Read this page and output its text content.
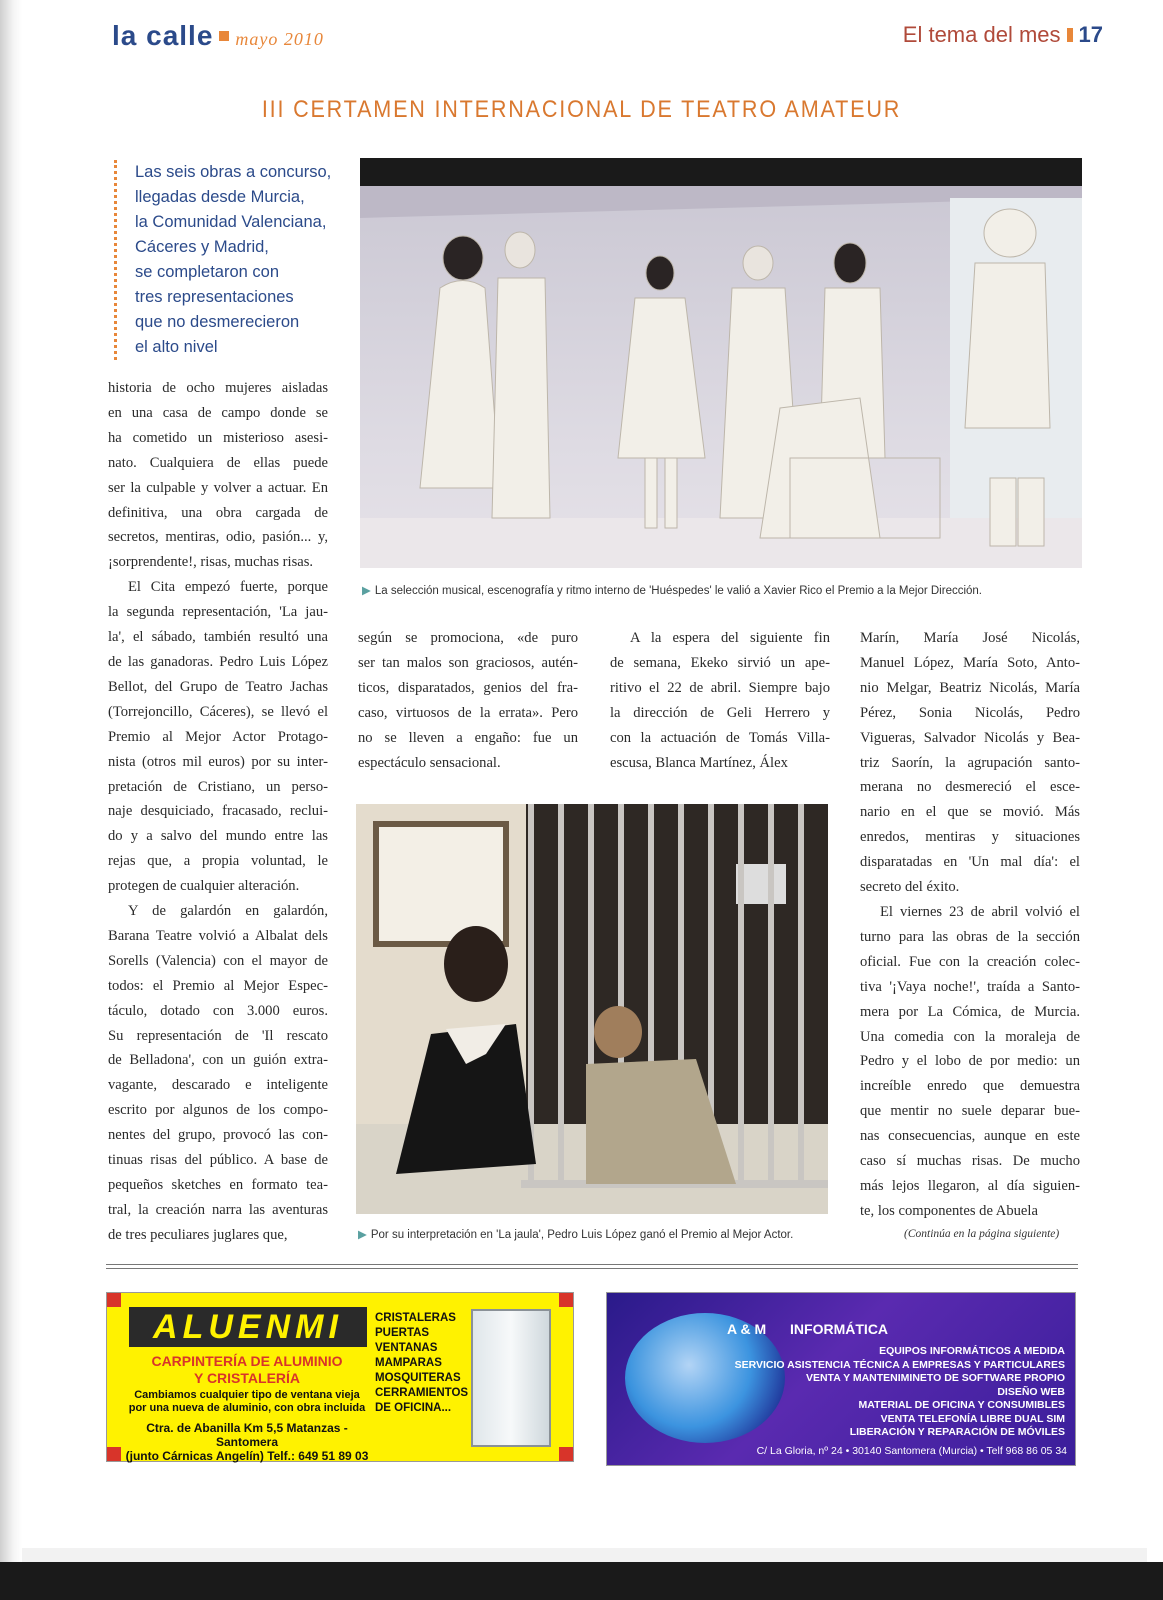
la calle mayo 2010	El tema del mes 17
III CERTAMEN INTERNACIONAL DE TEATRO AMATEUR
Las seis obras a concurso,
llegadas desde Murcia,
la Comunidad Valenciana,
Cáceres y Madrid,
se completaron con
tres representaciones
que no desmerecieron
el alto nivel
historia de ocho mujeres aisladas
en una casa de campo donde se
ha cometido un misterioso asesi-
nato. Cualquiera de ellas puede
ser la culpable y volver a actuar. En
definitiva, una obra cargada de
secretos, mentiras, odio, pasión... y,
¡sorprendente!, risas, muchas risas.
El Cita empezó fuerte, porque
la segunda representación, 'La jau-
la', el sábado, también resultó una
de las ganadoras. Pedro Luis López
Bellot, del Grupo de Teatro Jachas
(Torrejoncillo, Cáceres), se llevó el
Premio al Mejor Actor Protago-
nista (otros mil euros) por su inter-
pretación de Cristiano, un perso-
naje desquiciado, fracasado, reclui-
do y a salvo del mundo entre las
rejas que, a propia voluntad, le
protegen de cualquier alteración.
Y de galardón en galardón,
Barana Teatre volvió a Albalat dels
Sorells (Valencia) con el mayor de
todos: el Premio al Mejor Espec-
táculo, dotado con 3.000 euros.
Su representación de 'Il rescato
de Belladona', con un guión extra-
vagante, descarado e inteligente
escrito por algunos de los compo-
nentes del grupo, provocó las con-
tinuas risas del público. A base de
pequeños sketches en formato tea-
tral, la creación narra las aventuras
de tres peculiares juglares que,
▶ La selección musical, escenografía y ritmo interno de 'Huéspedes' le valió a Xavier Rico el Premio a la Mejor Dirección.
según se promociona, «de puro
ser tan malos son graciosos, autén-
ticos, disparatados, genios del fra-
caso, virtuosos de la errata». Pero
no se lleven a engaño: fue un
espectáculo sensacional.
A la espera del siguiente fin
de semana, Ekeko sirvió un ape-
ritivo el 22 de abril. Siempre bajo
la dirección de Geli Herrero y
con la actuación de Tomás Villa-
escusa, Blanca Martínez, Álex
▶ Por su interpretación en 'La jaula', Pedro Luis López ganó el Premio al Mejor Actor.
Marín, María José Nicolás,
Manuel López, María Soto, Anto-
nio Melgar, Beatriz Nicolás, María
Pérez, Sonia Nicolás, Pedro
Vigueras, Salvador Nicolás y Bea-
triz Saorín, la agrupación santo-
merana no desmereció el esce-
nario en el que se movió. Más
enredos, mentiras y situaciones
disparatadas en 'Un mal día': el
secreto del éxito.
El viernes 23 de abril volvió el
turno para las obras de la sección
oficial. Fue con la creación colec-
tiva '¡Vaya noche!', traída a Santo-
mera por La Cómica, de Murcia.
Una comedia con la moraleja de
Pedro y el lobo de por medio: un
increíble enredo que demuestra
que mentir no suele deparar bue-
nas consecuencias, aunque en este
caso sí muchas risas. De mucho
más lejos llegaron, al día siguien-
te, los componentes de Abuela
(Continúa en la página siguiente)
ALUENMI
CARPINTERÍA DE ALUMINIO
Y CRISTALERÍA
Cambiamos cualquier tipo de ventana vieja
por una nueva de aluminio, con obra incluida
Ctra. de Abanilla Km 5,5 Matanzas - Santomera
(junto Cárnicas Angelín) Telf.: 649 51 89 03
CRISTALERAS
PUERTAS
VENTANAS
MAMPARAS
MOSQUITERAS
CERRAMIENTOS
DE OFICINA...
A & M INFORMÁTICA
EQUIPOS INFORMÁTICOS A MEDIDA
SERVICIO ASISTENCIA TÉCNICA A EMPRESAS Y PARTICULARES
VENTA Y MANTENIMINETO DE SOFTWARE PROPIO
DISEÑO WEB
MATERIAL DE OFICINA Y CONSUMIBLES
VENTA TELEFONÍA LIBRE DUAL SIM
LIBERACIÓN Y REPARACIÓN DE MÓVILES
C/ La Gloria, nº 24 • 30140 Santomera (Murcia) • Telf 968 86 05 34
